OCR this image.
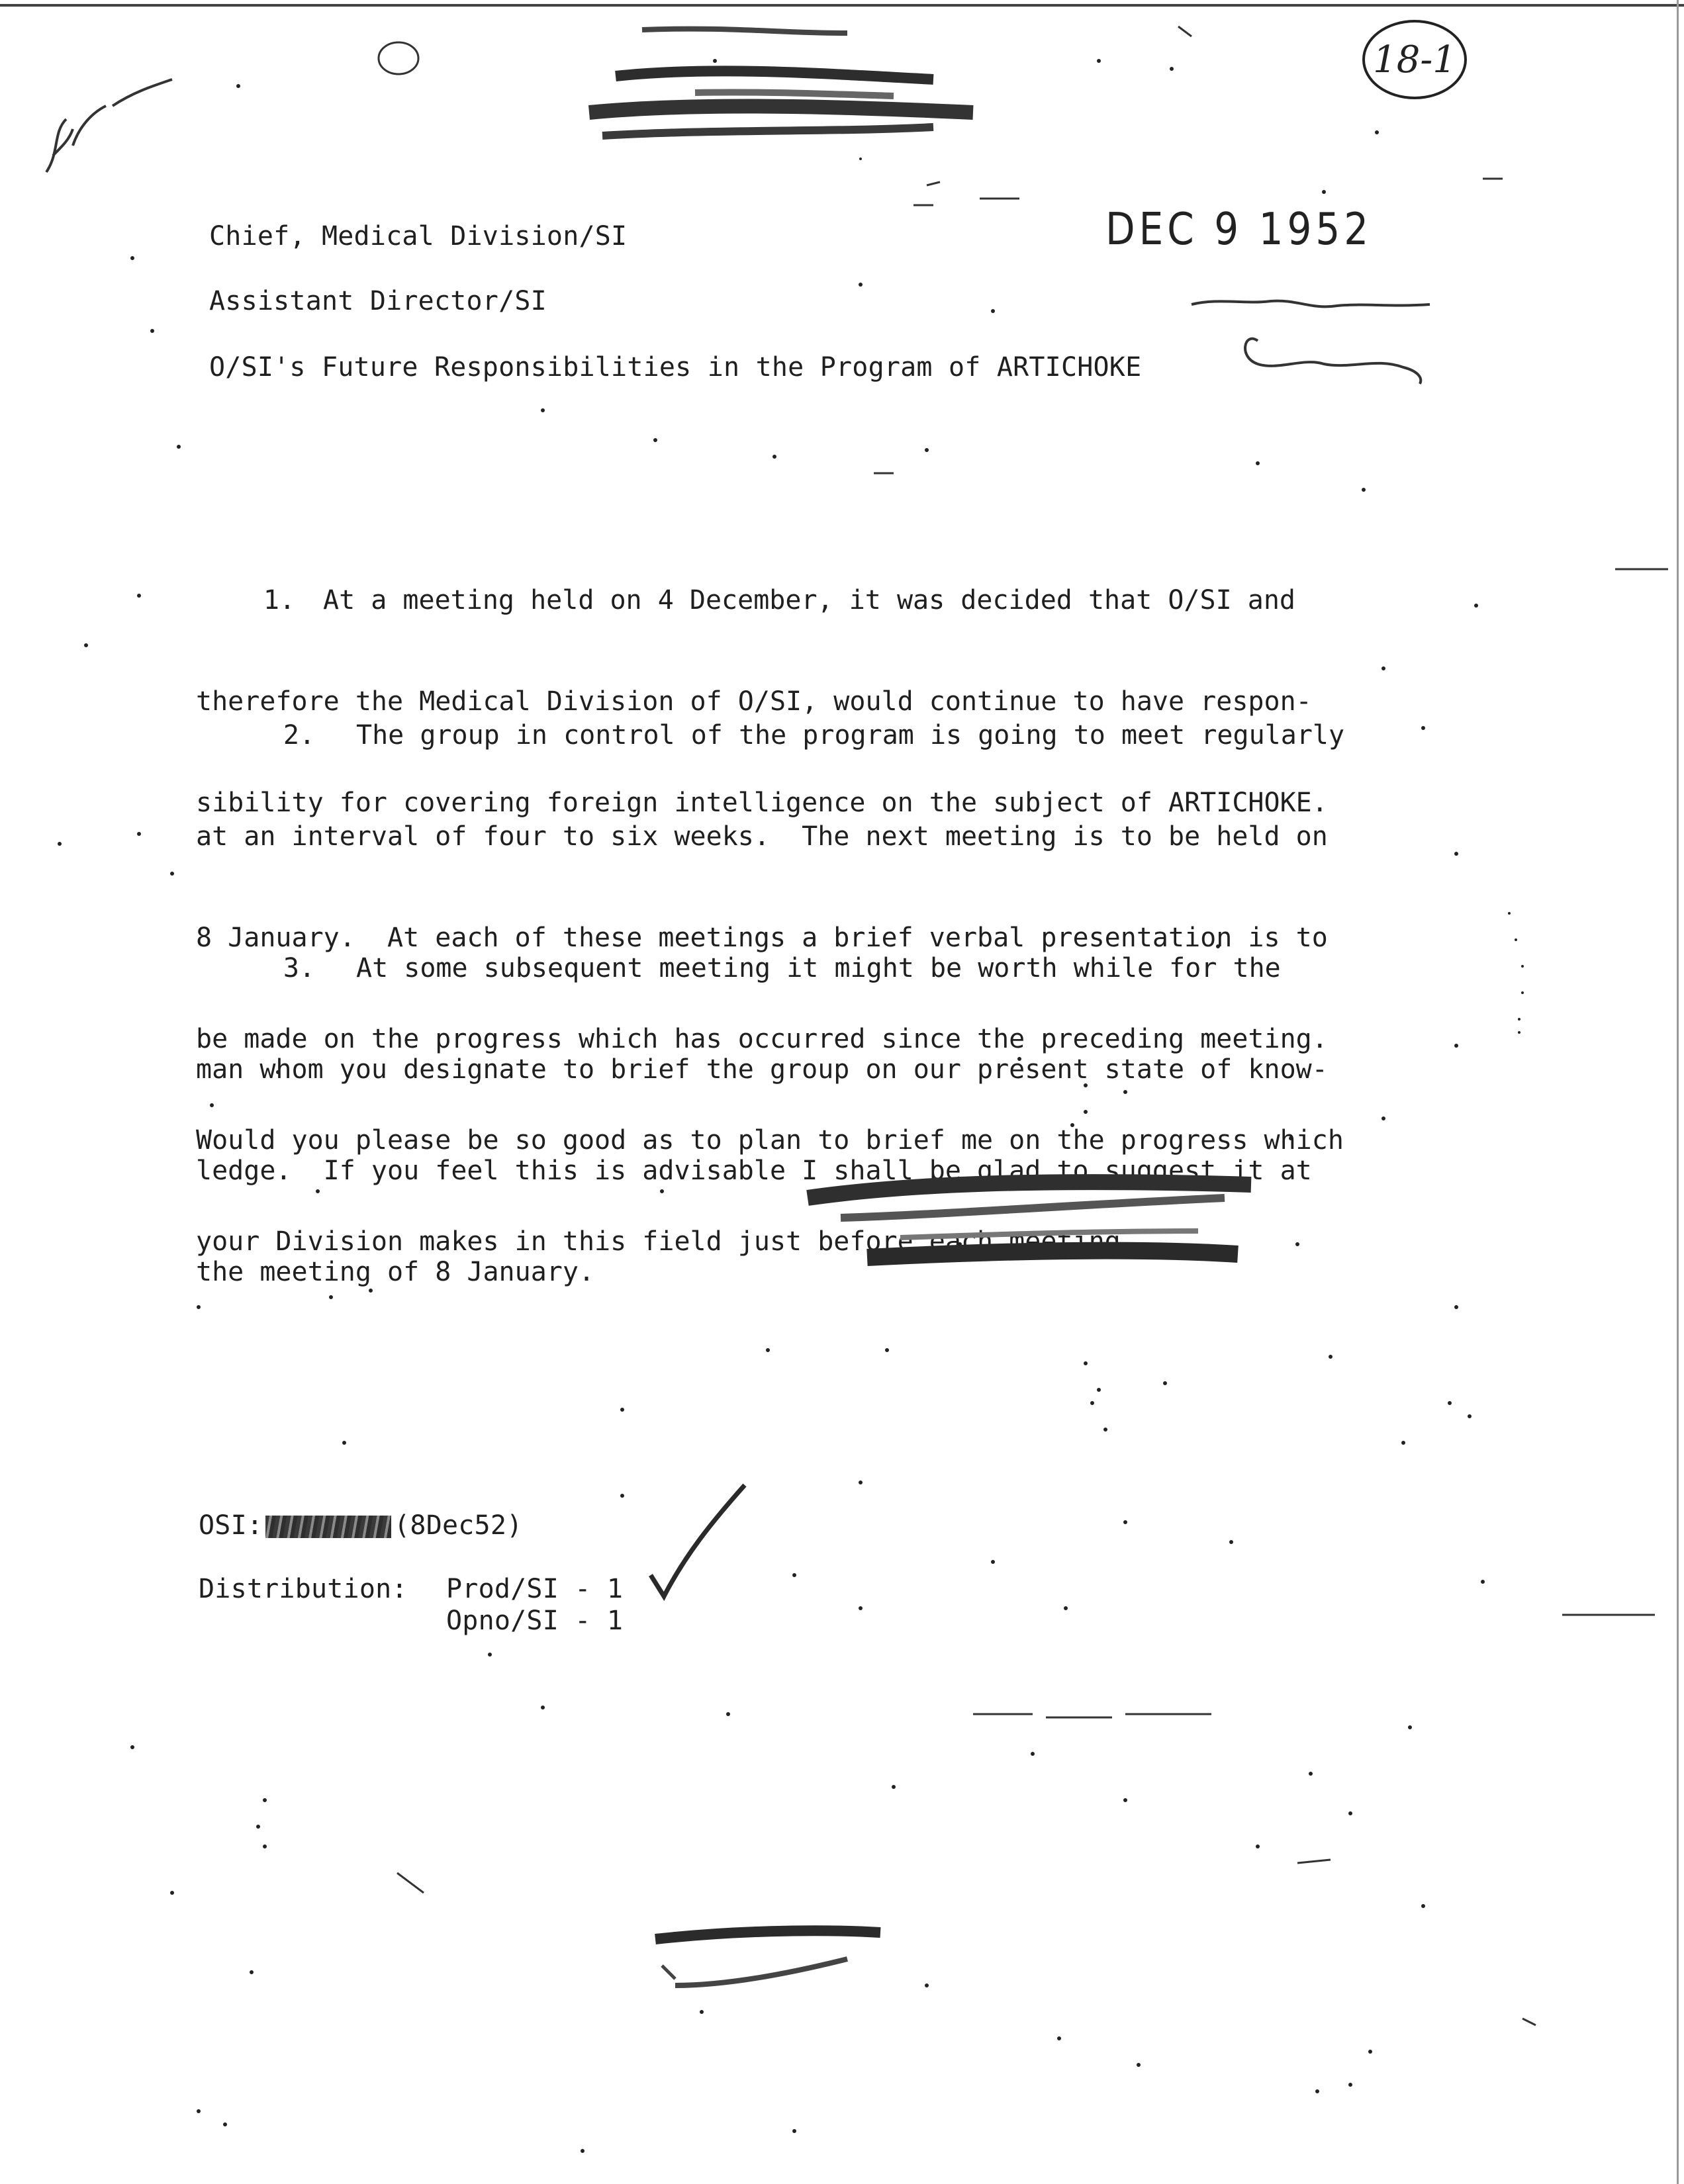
18-1
DEC 9 1952
Chief, Medical Division/SI
Assistant Director/SI
O/SI's Future Responsibilities in the Program of ARTICHOKE

1. At a meeting held on 4 December, it was decided that O/SI and

therefore the Medical Division of O/SI, would continue to have respon-

sibility for covering foreign intelligence on the subject of ARTICHOKE.

2. The group in control of the program is going to meet regularly

at an interval of four to six weeks.  The next meeting is to be held on

8 January.  At each of these meetings a brief verbal presentation is to

be made on the progress which has occurred since the preceding meeting.

Would you please be so good as to plan to brief me on the progress which

your Division makes in this field just before each meeting.

3. At some subsequent meeting it might be worth while for the

man whom you designate to brief the group on our present state of know-

ledge.  If you feel this is advisable I shall be glad to suggest it at

the meeting of 8 January.

OSI:	(8Dec52)
Distribution: Prod/SI - 1
Opno/SI - 1
